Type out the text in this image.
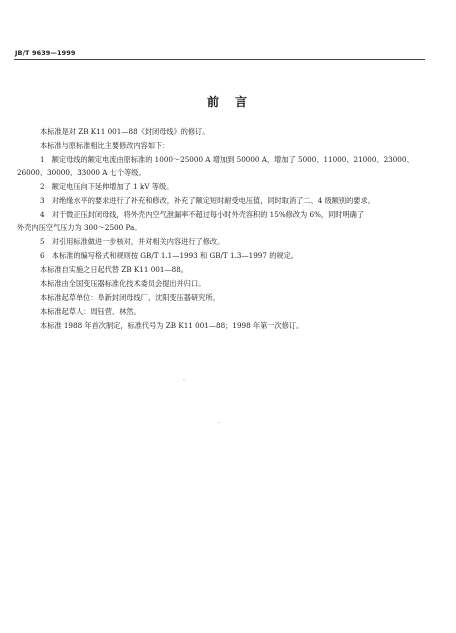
JB/T 9639—1999
前　言
本标准是对 ZB K11 001—88《封闭母线》的修订。
本标准与原标准相比主要修改内容如下：
1　额定母线的额定电流由原标准的 1000～25000 A 增加到 50000 A，增加了 5000、11000、21000、23000、
26000、30000、33000 A 七个等级。
2　额定电压向下延伸增加了 1 kV 等级。
3　对绝缘水平的要求进行了补充和修改，补充了额定短时耐受电压值，同时取消了二、4 级额别的要求。
4　对于微正压封闭母线，将外壳内空气泄漏率不超过每小时外壳容积的 15%修改为 6%，同时明确了
外壳内压空气压力为 300～2500 Pa。
5　对引用标准做进一步核对，并对相关内容进行了修改。
6　本标准的编写格式和规则按 GB/T 1.1—1993 和 GB/T 1.3—1997 的规定。
本标准自实施之日起代替 ZB K11 001—88。
本标准由全国变压器标准化技术委员会提出并归口。
本标准起草单位：阜新封闭母线厂、沈阳变压器研究所。
本标准起草人：周钰营、林然。
本标准 1988 年首次制定，标准代号为 ZB K11 001—88；1998 年第一次修订。
·
·
